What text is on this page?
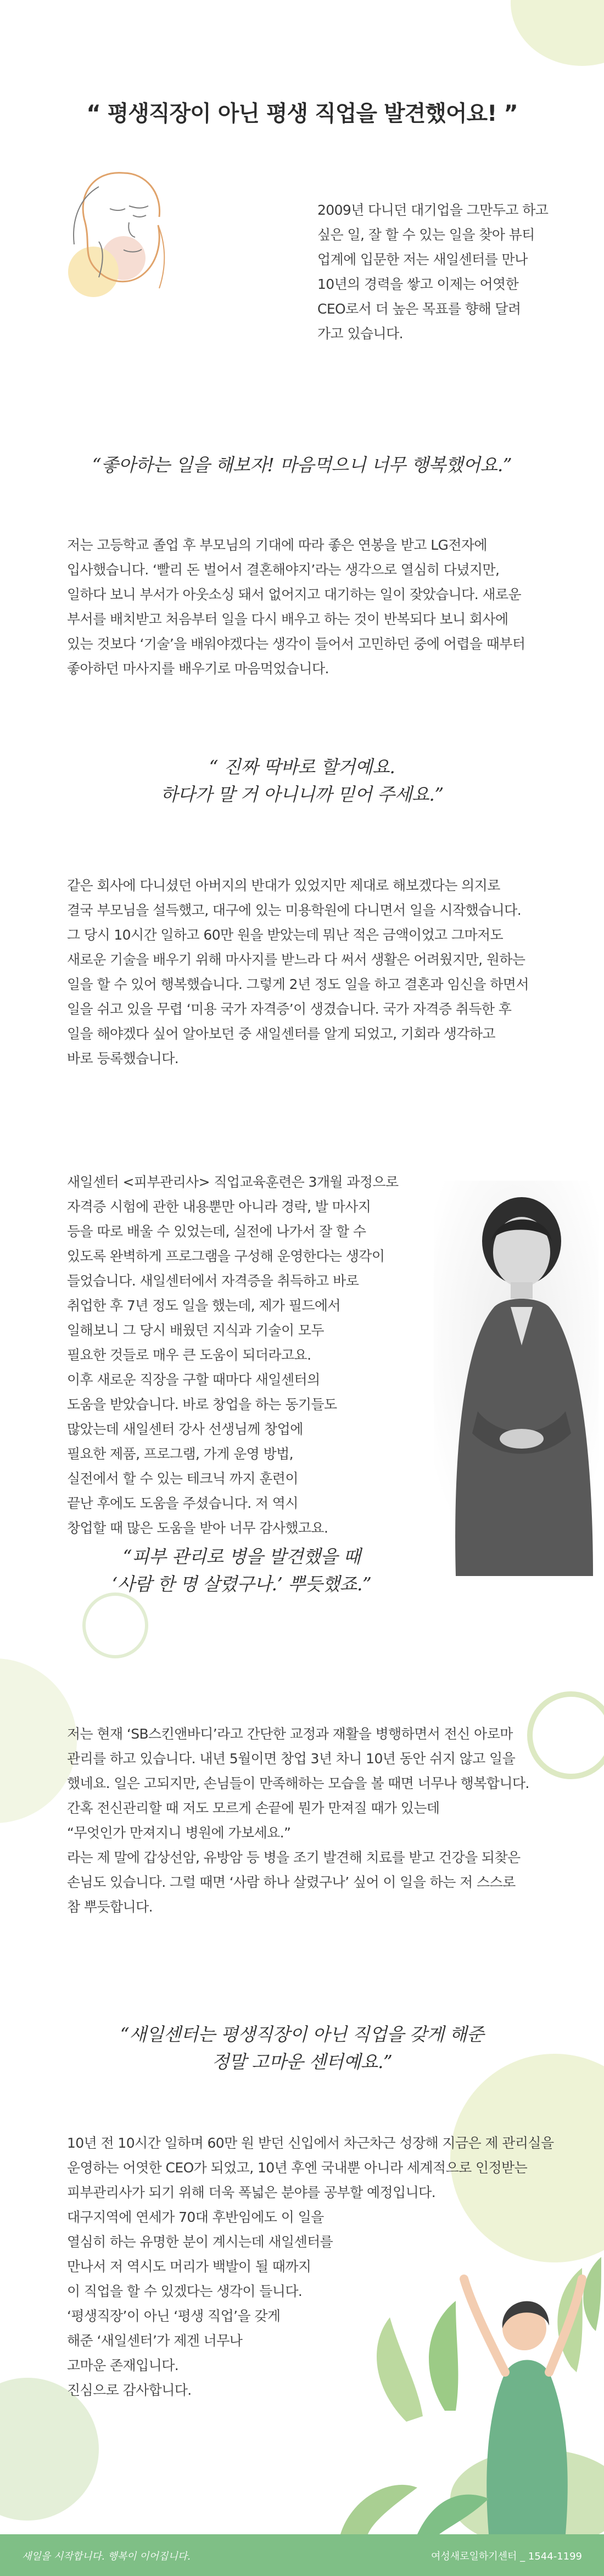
“ 평생직장이 아닌 평생 직업을 발견했어요! ”
2009년 다니던 대기업을 그만두고 하고
싶은 일, 잘 할 수 있는 일을 찾아 뷰티
업계에 입문한 저는 새일센터를 만나
10년의 경력을 쌓고 이제는 어엿한
CEO로서 더 높은 목표를 향해 달려
가고 있습니다.
“좋아하는 일을 해보자! 마음먹으니 너무 행복했어요.”
저는 고등학교 졸업 후 부모님의 기대에 따라 좋은 연봉을 받고 LG전자에
입사했습니다. ‘빨리 돈 벌어서 결혼해야지’라는 생각으로 열심히 다녔지만,
일하다 보니 부서가 아웃소싱 돼서 없어지고 대기하는 일이 잦았습니다. 새로운
부서를 배치받고 처음부터 일을 다시 배우고 하는 것이 반복되다 보니 회사에
있는 것보다 ‘기술’을 배워야겠다는 생각이 들어서 고민하던 중에 어렵을 때부터
좋아하던 마사지를 배우기로 마음먹었습니다.
“ 진짜 딱바로 할거예요.
하다가 말 거 아니니까 믿어 주세요.”
같은 회사에 다니셨던 아버지의 반대가 있었지만 제대로 해보겠다는 의지로
결국 부모님을 설득했고, 대구에 있는 미용학원에 다니면서 일을 시작했습니다.
그 당시 10시간 일하고 60만 원을 받았는데 뭐난 적은 금액이었고 그마저도
새로운 기술을 배우기 위해 마사지를 받느라 다 써서 생활은 어려웠지만, 원하는
일을 할 수 있어 행복했습니다. 그렇게 2년 정도 일을 하고 결혼과 임신을 하면서
일을 쉬고 있을 무렵 ‘미용 국가 자격증’이 생겼습니다. 국가 자격증 취득한 후
일을 해야겠다 싶어 알아보던 중 새일센터를 알게 되었고, 기회라 생각하고
바로 등록했습니다.
새일센터 <피부관리사> 직업교육훈련은 3개월 과정으로
자격증 시험에 관한 내용뿐만 아니라 경락, 발 마사지
등을 따로 배울 수 있었는데, 실전에 나가서 잘 할 수
있도록 완벽하게 프로그램을 구성해 운영한다는 생각이
들었습니다. 새일센터에서 자격증을 취득하고 바로
취업한 후 7년 정도 일을 했는데, 제가 필드에서
일해보니 그 당시 배웠던 지식과 기술이 모두
필요한 것들로 매우 큰 도움이 되더라고요.
이후 새로운 직장을 구할 때마다 새일센터의
도움을 받았습니다. 바로 창업을 하는 동기들도
많았는데 새일센터 강사 선생님께 창업에
필요한 제품, 프로그램, 가게 운영 방법,
실전에서 할 수 있는 테크닉 까지 훈련이
끝난 후에도 도움을 주셨습니다. 저 역시
창업할 때 많은 도움을 받아 너무 감사했고요.
“피부 관리로 병을 발견했을 때
‘사람 한 명 살렸구나.’ 뿌듯했죠.”
저는 현재 ‘SB스킨앤바디’라고 간단한 교정과 재활을 병행하면서 전신 아로마
관리를 하고 있습니다. 내년 5월이면 창업 3년 차니 10년 동안 쉬지 않고 일을
했네요. 일은 고되지만, 손님들이 만족해하는 모습을 볼 때면 너무나 행복합니다.
간혹 전신관리할 때 저도 모르게 손끝에 뭔가 만져질 때가 있는데
“무엇인가 만져지니 병원에 가보세요.”
라는 제 말에 갑상선암, 유방암 등 병을 조기 발견해 치료를 받고 건강을 되찾은
손님도 있습니다. 그럴 때면 ‘사람 하나 살렸구나’ 싶어 이 일을 하는 저 스스로
참 뿌듯합니다.
“새일센터는 평생직장이 아닌 직업을 갖게 해준
정말 고마운 센터예요.”
10년 전 10시간 일하며 60만 원 받던 신입에서 차근차근 성장해 지금은 제 관리실을
운영하는 어엿한 CEO가 되었고, 10년 후엔 국내뿐 아니라 세계적으로 인정받는
피부관리사가 되기 위해 더욱 폭넓은 분야를 공부할 예정입니다.
대구지역에 연세가 70대 후반임에도 이 일을
열심히 하는 유명한 분이 계시는데 새일센터를
만나서 저 역시도 머리가 백발이 될 때까지
이 직업을 할 수 있겠다는 생각이 들니다.
‘평생직장’이 아닌 ‘평생 직업’을 갖게
해준 ‘새일센터’가 제겐 너무나
고마운 존재입니다.
진심으로 감사합니다.
새일을 시작합니다. 행복이 이어집니다.	여성새로일하기센터 _ 1544-1199
